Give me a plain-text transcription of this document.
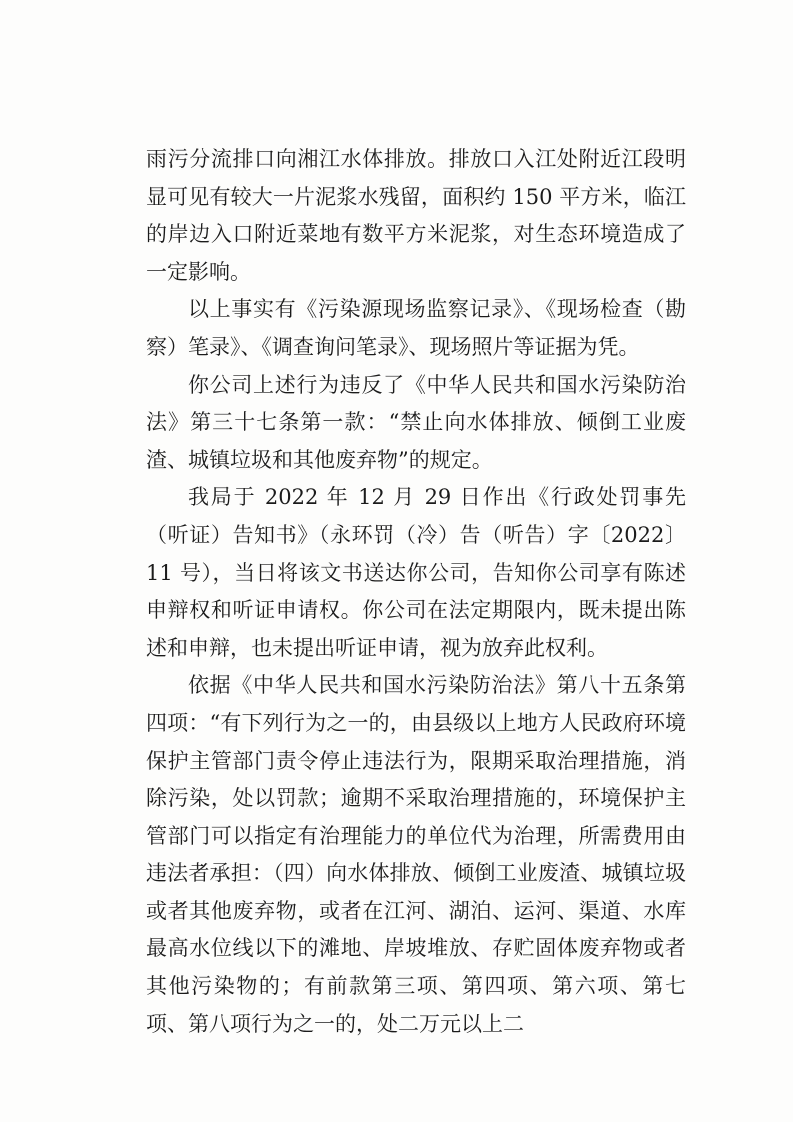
雨污分流排口向湘江水体排放。排放口入江处附近江段明显可见有较大一片泥浆水残留，面积约 150 平方米，临江的岸边入口附近菜地有数平方米泥浆，对生态环境造成了一定影响。

以上事实有《污染源现场监察记录》、《现场检查（勘察）笔录》、《调查询问笔录》、现场照片等证据为凭。

你公司上述行为违反了《中华人民共和国水污染防治法》第三十七条第一款：“禁止向水体排放、倾倒工业废渣、城镇垃圾和其他废弃物”的规定。

我局于 2022 年 12 月 29 日作出《行政处罚事先（听证）告知书》（永环罚（冷）告（听告）字〔2022〕11 号），当日将该文书送达你公司，告知你公司享有陈述申辩权和听证申请权。你公司在法定期限内，既未提出陈述和申辩，也未提出听证申请，视为放弃此权利。

依据《中华人民共和国水污染防治法》第八十五条第四项：“有下列行为之一的，由县级以上地方人民政府环境保护主管部门责令停止违法行为，限期采取治理措施，消除污染，处以罚款；逾期不采取治理措施的，环境保护主管部门可以指定有治理能力的单位代为治理，所需费用由违法者承担：（四）向水体排放、倾倒工业废渣、城镇垃圾或者其他废弃物，或者在江河、湖泊、运河、渠道、水库最高水位线以下的滩地、岸坡堆放、存贮固体废弃物或者其他污染物的；有前款第三项、第四项、第六项、第七项、第八项行为之一的，处二万元以上二
